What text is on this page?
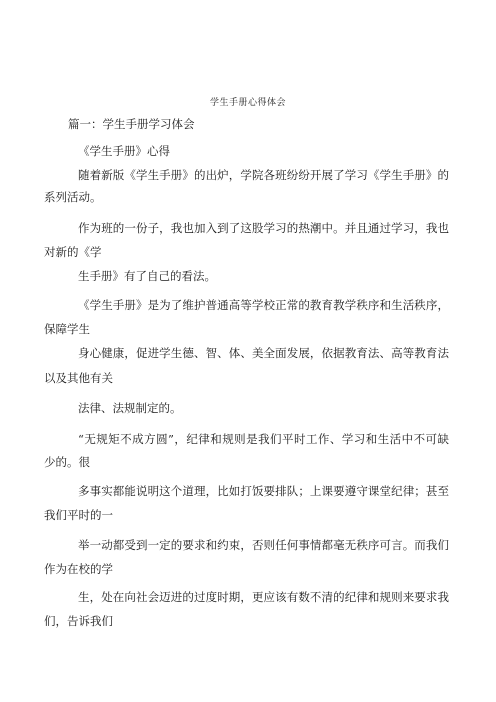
学生手册心得体会
篇一：学生手册学习体会
《学生手册》心得
随着新版《学生手册》的出炉，学院各班纷纷开展了学习《学生手册》的
系列活动。
作为班的一份子，我也加入到了这股学习的热潮中。并且通过学习，我也
对新的《学
生手册》有了自己的看法。
《学生手册》是为了维护普通高等学校正常的教育教学秩序和生活秩序，
保障学生
身心健康，促进学生德、智、体、美全面发展，依据教育法、高等教育法
以及其他有关
法律、法规制定的。
“无规矩不成方圆”，纪律和规则是我们平时工作、学习和生活中不可缺
少的。很
多事实都能说明这个道理，比如打饭要排队；上课要遵守课堂纪律；甚至
我们平时的一
举一动都受到一定的要求和约束，否则任何事情都毫无秩序可言。而我们
作为在校的学
生，处在向社会迈进的过度时期，更应该有数不清的纪律和规则来要求我
们，告诉我们
